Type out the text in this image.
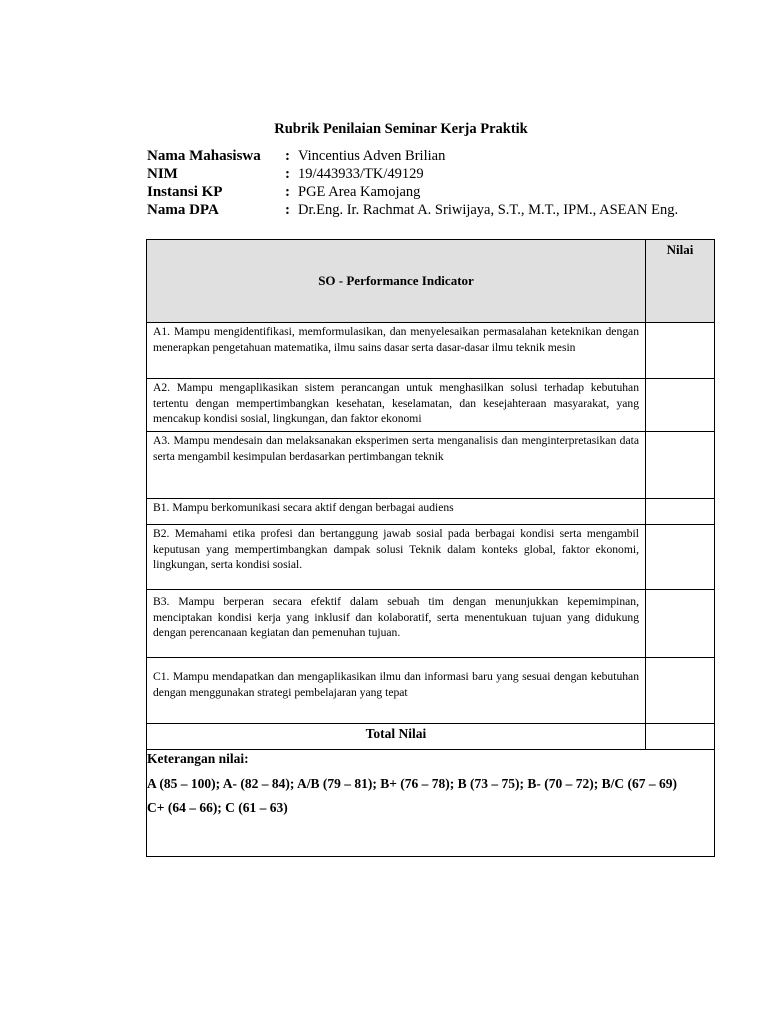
Rubrik Penilaian Seminar Kerja Praktik
Nama Mahasiswa : Vincentius Adven Brilian
NIM	: 19/443933/TK/49129
Instansi KP	: PGE Area Kamojang
Nama DPA	: Dr.Eng. Ir. Rachmat A. Sriwijaya, S.T., M.T., IPM., ASEAN Eng.
SO - Performance Indicator	Nilai

A1. Mampu mengidentifikasi, memformulasikan, dan menyelesaikan permasalahan keteknikan dengan menerapkan pengetahuan matematika, ilmu sains dasar serta dasar-dasar ilmu teknik mesin	
A2. Mampu mengaplikasikan sistem perancangan untuk menghasilkan solusi terhadap kebutuhan tertentu dengan mempertimbangkan kesehatan, keselamatan, dan kesejahteraan masyarakat, yang mencakup kondisi sosial, lingkungan, dan faktor ekonomi	
A3. Mampu mendesain dan melaksanakan eksperimen serta menganalisis dan menginterpretasikan data serta mengambil kesimpulan berdasarkan pertimbangan teknik	
B1. Mampu berkomunikasi secara aktif dengan berbagai audiens	
B2. Memahami etika profesi dan bertanggung jawab sosial pada berbagai kondisi serta mengambil keputusan yang mempertimbangkan dampak solusi Teknik dalam konteks global, faktor ekonomi, lingkungan, serta kondisi sosial.	
B3. Mampu berperan secara efektif dalam sebuah tim dengan menunjukkan kepemimpinan, menciptakan kondisi kerja yang inklusif dan kolaboratif, serta menentukuan tujuan yang didukung dengan perencanaan kegiatan dan pemenuhan tujuan.	
C1. Mampu mendapatkan dan mengaplikasikan ilmu dan informasi baru yang sesuai dengan kebutuhan dengan menggunakan strategi pembelajaran yang tepat	
Total Nilai	

Keterangan nilai:
A (85 – 100); A- (82 – 84); A/B (79 – 81); B+ (76 – 78); B (73 – 75); B- (70 – 72); B/C (67 – 69)
C+ (64 – 66); C (61 – 63)	
